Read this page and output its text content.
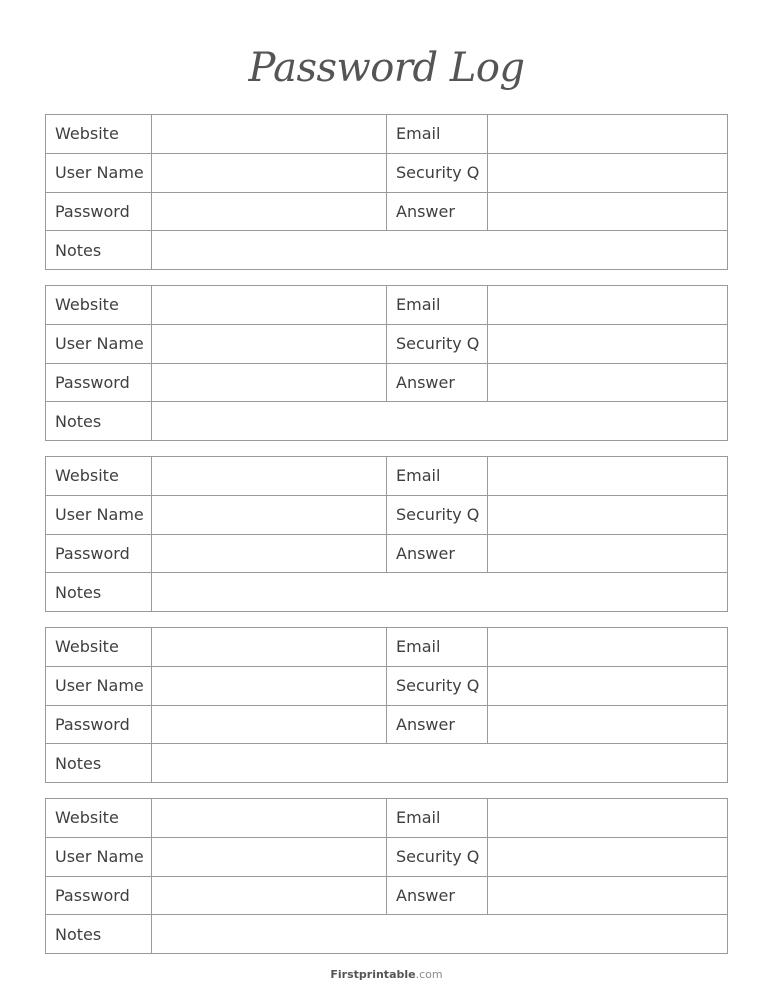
Password Log
Website		Email	
User Name		Security Q	
Password		Answer	
Notes			
Website		Email	
User Name		Security Q	
Password		Answer	
Notes			
Website		Email	
User Name		Security Q	
Password		Answer	
Notes			
Website		Email	
User Name		Security Q	
Password		Answer	
Notes			
Website		Email	
User Name		Security Q	
Password		Answer	
Notes			
Firstprintable.com
